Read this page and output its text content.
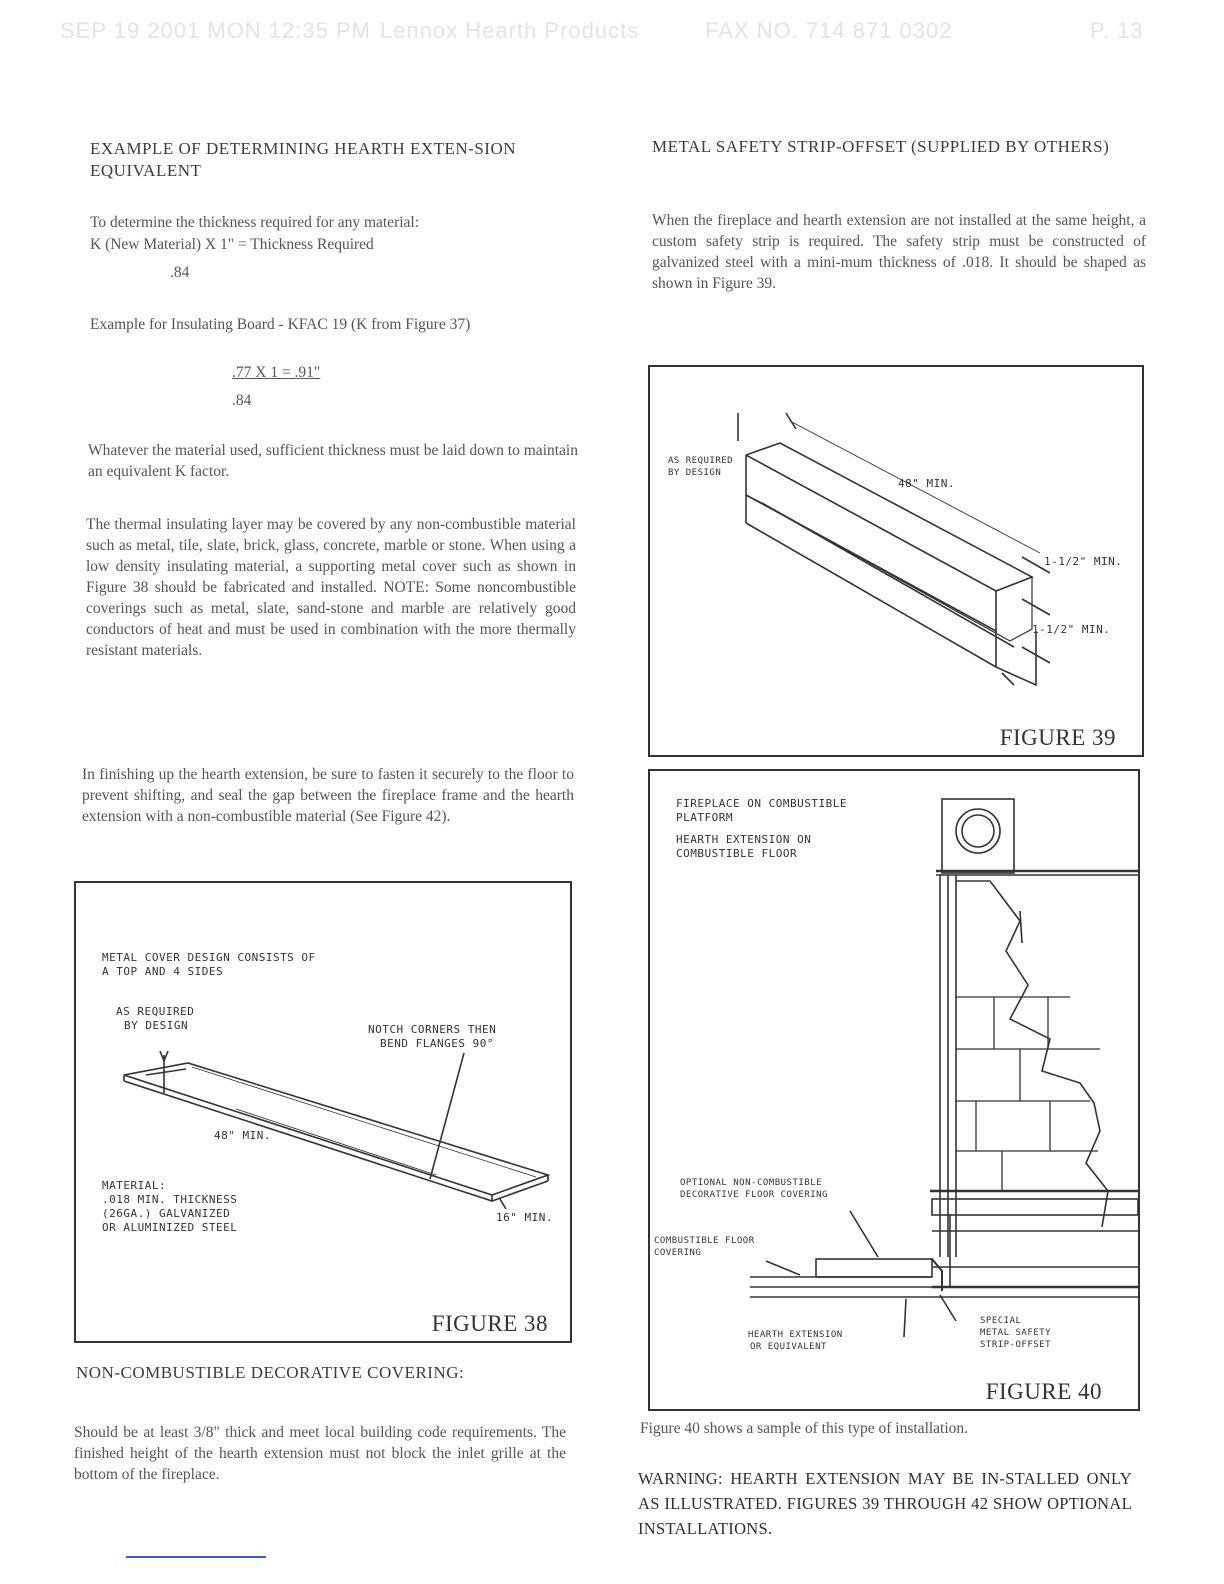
SEP 19 2001 MON 12:35 PM Lennox Hearth Products	FAX NO. 714 871 0302	P. 13

EXAMPLE OF DETERMINING HEARTH EXTEN-SION EQUIVALENT

To determine the thickness required for any material:

K (New Material) X 1" = Thickness Required

.84

Example for Insulating Board - KFAC 19 (K from Figure 37)

.77 X 1 = .91"
.84

Whatever the material used, sufficient thickness must be laid down to maintain an equivalent K factor.

The thermal insulating layer may be covered by any non-combustible material such as metal, tile, slate, brick, glass, concrete, marble or stone. When using a low density insulating material, a supporting metal cover such as shown in Figure 38 should be fabricated and installed. NOTE: Some noncombustible coverings such as metal, slate, sand-stone and marble are relatively good conductors of heat and must be used in combination with the more thermally resistant materials.

In finishing up the hearth extension, be sure to fasten it securely to the floor to prevent shifting, and seal the gap between the fireplace frame and the hearth extension with a non-combustible material (See Figure 42).

METAL COVER DESIGN CONSISTS OF
A TOP AND 4 SIDES
AS REQUIRED
BY DESIGN	NOTCH CORNERS THEN
BEND FLANGES 90°
48" MIN.
MATERIAL:
.018 MIN. THICKNESS
(26GA.) GALVANIZED
OR ALUMINIZED STEEL
16" MIN.
FIGURE 38

NON-COMBUSTIBLE DECORATIVE COVERING:

Should be at least 3/8" thick and meet local building code requirements. The finished height of the hearth extension must not block the inlet grille at the bottom of the fireplace.

METAL SAFETY STRIP-OFFSET (SUPPLIED BY OTHERS)

When the fireplace and hearth extension are not installed at the same height, a custom safety strip is required. The safety strip must be constructed of galvanized steel with a mini-mum thickness of .018. It should be shaped as shown in Figure 39.

AS REQUIRED
BY DESIGN
48" MIN.
1-1/2" MIN.
1-1/2" MIN.
FIGURE 39
FIREPLACE ON COMBUSTIBLE
PLATFORM
HEARTH EXTENSION ON
COMBUSTIBLE FLOOR
OPTIONAL NON-COMBUSTIBLE
DECORATIVE FLOOR COVERING
COMBUSTIBLE FLOOR
COVERING
HEARTH EXTENSION
OR EQUIVALENT
SPECIAL
METAL SAFETY
STRIP-OFFSET
FIGURE 40

Figure 40 shows a sample of this type of installation.

WARNING: HEARTH EXTENSION MAY BE IN-STALLED ONLY AS ILLUSTRATED. FIGURES 39 THROUGH 42 SHOW OPTIONAL INSTALLATIONS.
